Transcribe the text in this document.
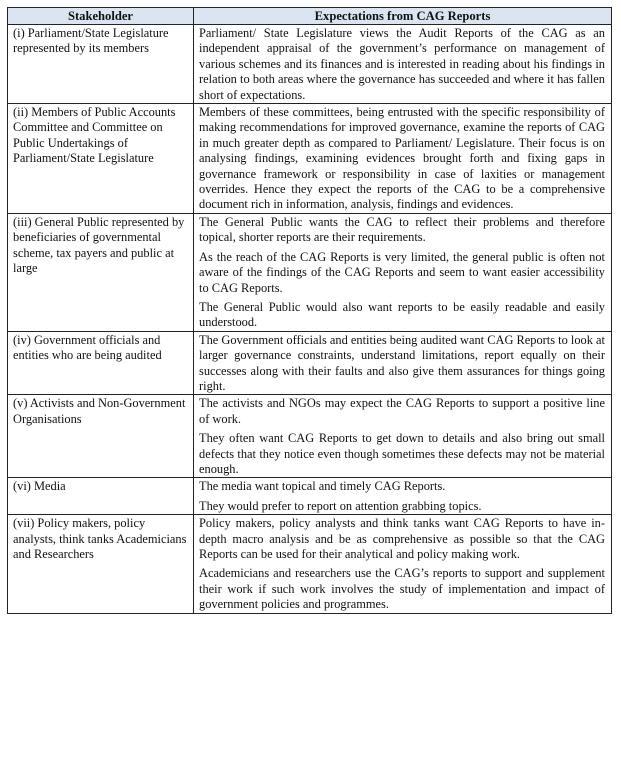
Stakeholder	Expectations from CAG Reports
(i) Parliament/State Legislature represented by its members	Parliament/ State Legislature views the Audit Reports of the CAG as an independent appraisal of the government’s performance on management of various schemes and its finances and is interested in reading about his findings in relation to both areas where the governance has succeeded and where it has fallen short of expectations.

(ii) Members of Public Accounts Committee and Committee on Public Undertakings of Parliament/State Legislature	Members of these committees, being entrusted with the specific responsibility of making recommendations for improved governance, examine the reports of CAG in much greater depth as compared to Parliament/ Legislature. Their focus is on analysing findings, examining evidences brought forth and fixing gaps in governance framework or responsibility in case of laxities or management overrides. Hence they expect the reports of the CAG to be a comprehensive document rich in information, analysis, findings and evidences.

(iii) General Public represented by beneficiaries of governmental scheme, tax payers and public at large	The General Public wants the CAG to reflect their problems and therefore topical, shorter reports are their requirements.

As the reach of the CAG Reports is very limited, the general public is often not aware of the findings of the CAG Reports and seem to want easier accessibility to CAG Reports.

The General Public would also want reports to be easily readable and easily understood.

(iv) Government officials and entities who are being audited	The Government officials and entities being audited want CAG Reports to look at larger governance constraints, understand limitations, report equally on their successes along with their faults and also give them assurances for things going right.

(v) Activists and Non-Government Organisations	The activists and NGOs may expect the CAG Reports to support a positive line of work.

They often want CAG Reports to get down to details and also bring out small defects that they notice even though sometimes these defects may not be material enough.

(vi) Media	The media want topical and timely CAG Reports.

They would prefer to report on attention grabbing topics.

(vii) Policy makers, policy analysts, think tanks Academicians and Researchers	Policy makers, policy analysts and think tanks want CAG Reports to have in-depth macro analysis and be as comprehensive as possible so that the CAG Reports can be used for their analytical and policy making work.

Academicians and researchers use the CAG’s reports to support and supplement their work if such work involves the study of implementation and impact of government policies and programmes.
